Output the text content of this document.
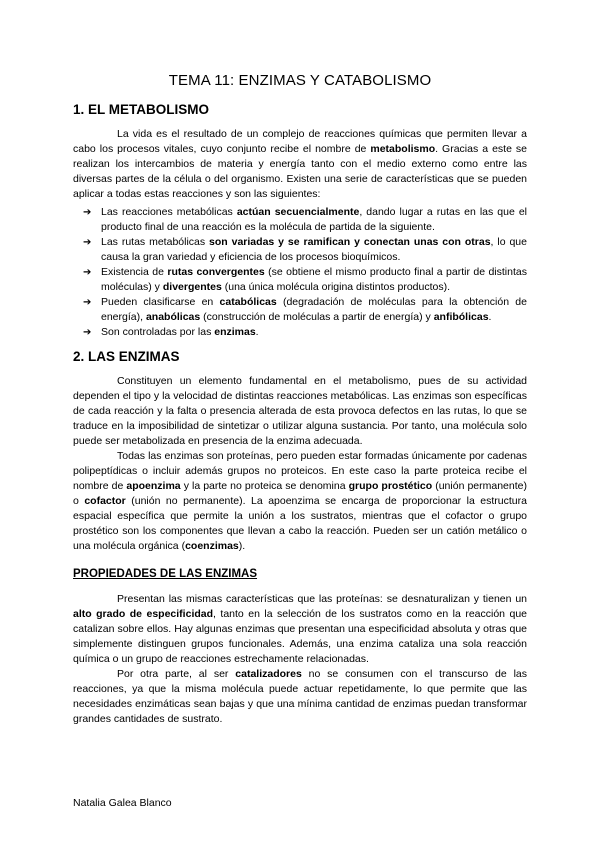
TEMA 11: ENZIMAS Y CATABOLISMO
1. EL METABOLISMO

La vida es el resultado de un complejo de reacciones químicas que permiten llevar a cabo los procesos vitales, cuyo conjunto recibe el nombre de metabolismo. Gracias a este se realizan los intercambios de materia y energía tanto con el medio externo como entre las diversas partes de la célula o del organismo. Existen una serie de características que se pueden aplicar a todas estas reacciones y son las siguientes:

➔ Las reacciones metabólicas actúan secuencialmente, dando lugar a rutas en las que el producto final de una reacción es la molécula de partida de la siguiente.
➔ Las rutas metabólicas son variadas y se ramifican y conectan unas con otras, lo que causa la gran variedad y eficiencia de los procesos bioquímicos.
➔ Existencia de rutas convergentes (se obtiene el mismo producto final a partir de distintas moléculas) y divergentes (una única molécula origina distintos productos).
➔ Pueden clasificarse en catabólicas (degradación de moléculas para la obtención de energía), anabólicas (construcción de moléculas a partir de energía) y anfibólicas.
➔ Son controladas por las enzimas.
2. LAS ENZIMAS

Constituyen un elemento fundamental en el metabolismo, pues de su actividad dependen el tipo y la velocidad de distintas reacciones metabólicas. Las enzimas son específicas de cada reacción y la falta o presencia alterada de esta provoca defectos en las rutas, lo que se traduce en la imposibilidad de sintetizar o utilizar alguna sustancia. Por tanto, una molécula solo puede ser metabolizada en presencia de la enzima adecuada.

Todas las enzimas son proteínas, pero pueden estar formadas únicamente por cadenas polipeptídicas o incluir además grupos no proteicos. En este caso la parte proteica recibe el nombre de apoenzima y la parte no proteica se denomina grupo prostético (unión permanente) o cofactor (unión no permanente). La apoenzima se encarga de proporcionar la estructura espacial específica que permite la unión a los sustratos, mientras que el cofactor o grupo prostético son los componentes que llevan a cabo la reacción. Pueden ser un catión metálico o una molécula orgánica (coenzimas).

PROPIEDADES DE LAS ENZIMAS

Presentan las mismas características que las proteínas: se desnaturalizan y tienen un alto grado de especificidad, tanto en la selección de los sustratos como en la reacción que catalizan sobre ellos. Hay algunas enzimas que presentan una especificidad absoluta y otras que simplemente distinguen grupos funcionales. Además, una enzima cataliza una sola reacción química o un grupo de reacciones estrechamente relacionadas.

Por otra parte, al ser catalizadores no se consumen con el transcurso de las reacciones, ya que la misma molécula puede actuar repetidamente, lo que permite que las necesidades enzimáticas sean bajas y que una mínima cantidad de enzimas puedan transformar grandes cantidades de sustrato.

Natalia Galea Blanco
